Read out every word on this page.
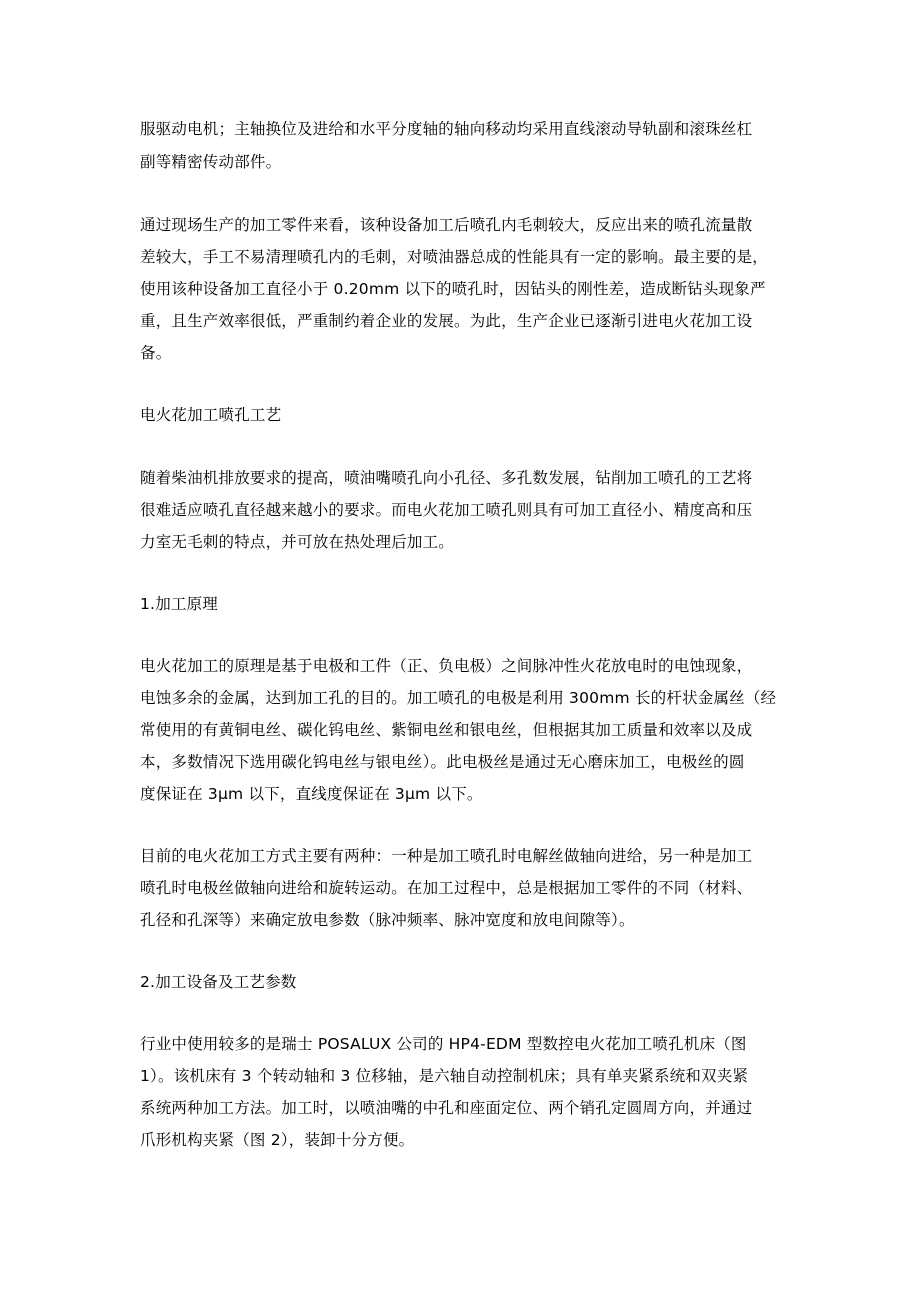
服驱动电机；主轴换位及进给和水平分度轴的轴向移动均采用直线滚动导轨副和滚珠丝杠
副等精密传动部件。
通过现场生产的加工零件来看，该种设备加工后喷孔内毛刺较大，反应出来的喷孔流量散
差较大，手工不易清理喷孔内的毛刺，对喷油器总成的性能具有一定的影响。最主要的是，
使用该种设备加工直径小于 0.20mm 以下的喷孔时，因钻头的刚性差，造成断钻头现象严
重，且生产效率很低，严重制约着企业的发展。为此，生产企业已逐渐引进电火花加工设
备。
电火花加工喷孔工艺
随着柴油机排放要求的提高，喷油嘴喷孔向小孔径、多孔数发展，钻削加工喷孔的工艺将
很难适应喷孔直径越来越小的要求。而电火花加工喷孔则具有可加工直径小、精度高和压
力室无毛刺的特点，并可放在热处理后加工。
1.加工原理
电火花加工的原理是基于电极和工件（正、负电极）之间脉冲性火花放电时的电蚀现象，
电蚀多余的金属，达到加工孔的目的。加工喷孔的电极是利用 300mm 长的杆状金属丝（经
常使用的有黄铜电丝、碳化钨电丝、紫铜电丝和银电丝，但根据其加工质量和效率以及成
本，多数情况下选用碳化钨电丝与银电丝）。此电极丝是通过无心磨床加工，电极丝的圆
度保证在 3μm 以下，直线度保证在 3μm 以下。
目前的电火花加工方式主要有两种：一种是加工喷孔时电解丝做轴向进给，另一种是加工
喷孔时电极丝做轴向进给和旋转运动。在加工过程中，总是根据加工零件的不同（材料、
孔径和孔深等）来确定放电参数（脉冲频率、脉冲宽度和放电间隙等）。
2.加工设备及工艺参数
行业中使用较多的是瑞士 POSALUX 公司的 HP4-EDM 型数控电火花加工喷孔机床（图
1）。该机床有 3 个转动轴和 3 位移轴，是六轴自动控制机床；具有单夹紧系统和双夹紧
系统两种加工方法。加工时，以喷油嘴的中孔和座面定位、两个销孔定圆周方向，并通过
爪形机构夹紧（图 2），装卸十分方便。
